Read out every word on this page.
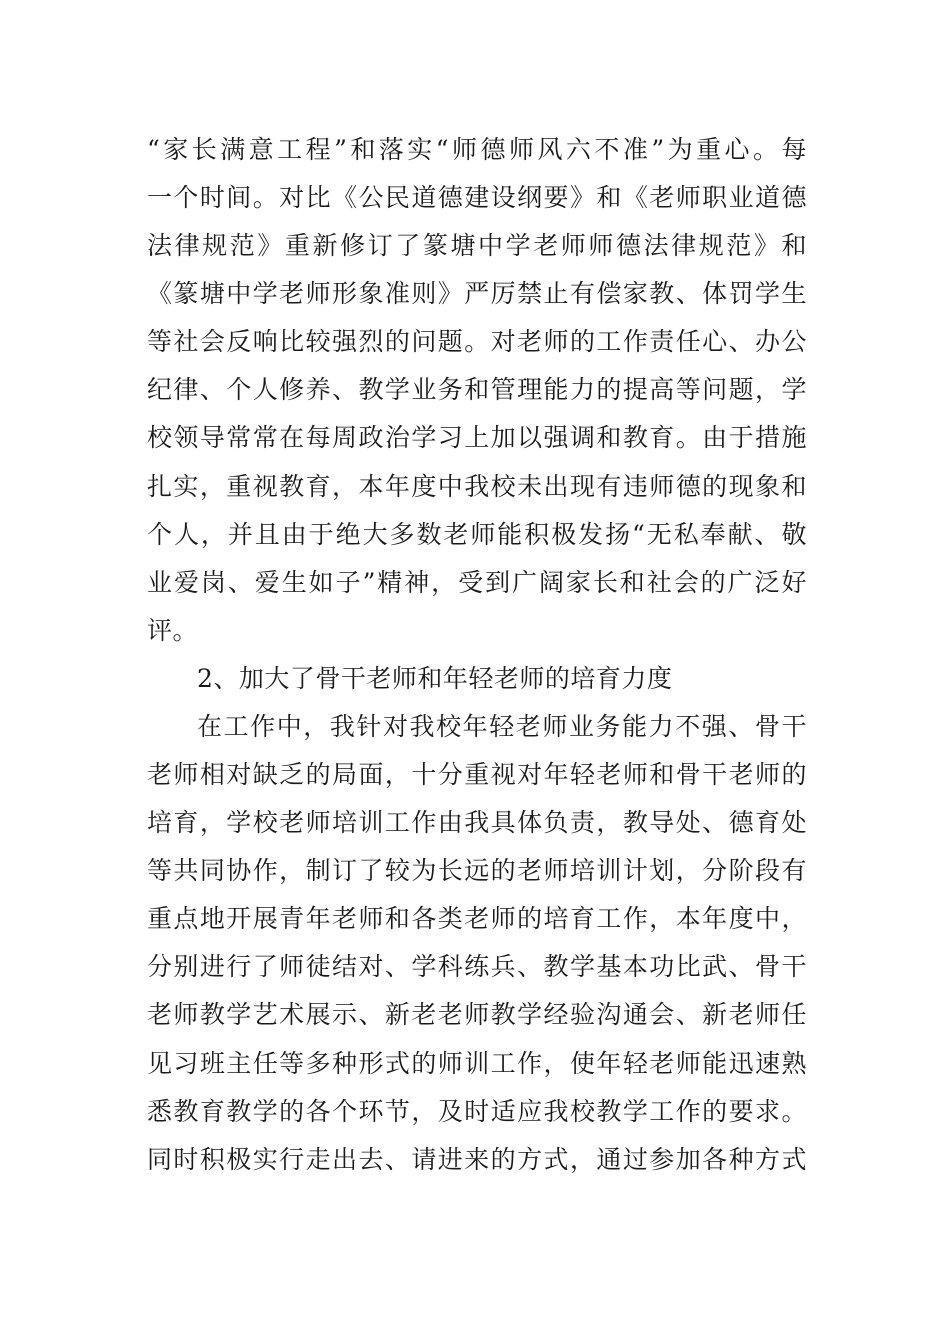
“家长满意工程”和落实“师德师风六不准”为重心。每
一个时间。对比《公民道德建设纲要》和《老师职业道德
法律规范》重新修订了篆塘中学老师师德法律规范》和
《篆塘中学老师形象准则》严厉禁止有偿家教、体罚学生
等社会反响比较强烈的问题。对老师的工作责任心、办公
纪律、个人修养、教学业务和管理能力的提高等问题，学
校领导常常在每周政治学习上加以强调和教育。由于措施
扎实，重视教育，本年度中我校未出现有违师德的现象和
个人，并且由于绝大多数老师能积极发扬“无私奉献、敬
业爱岗、爱生如子”精神，受到广阔家长和社会的广泛好
评。
2、加大了骨干老师和年轻老师的培育力度
在工作中，我针对我校年轻老师业务能力不强、骨干
老师相对缺乏的局面，十分重视对年轻老师和骨干老师的
培育，学校老师培训工作由我具体负责，教导处、德育处
等共同协作，制订了较为长远的老师培训计划，分阶段有
重点地开展青年老师和各类老师的培育工作，本年度中，
分别进行了师徒结对、学科练兵、教学基本功比武、骨干
老师教学艺术展示、新老老师教学经验沟通会、新老师任
见习班主任等多种形式的师训工作，使年轻老师能迅速熟
悉教育教学的各个环节，及时适应我校教学工作的要求。
同时积极实行走出去、请进来的方式，通过参加各种方式
